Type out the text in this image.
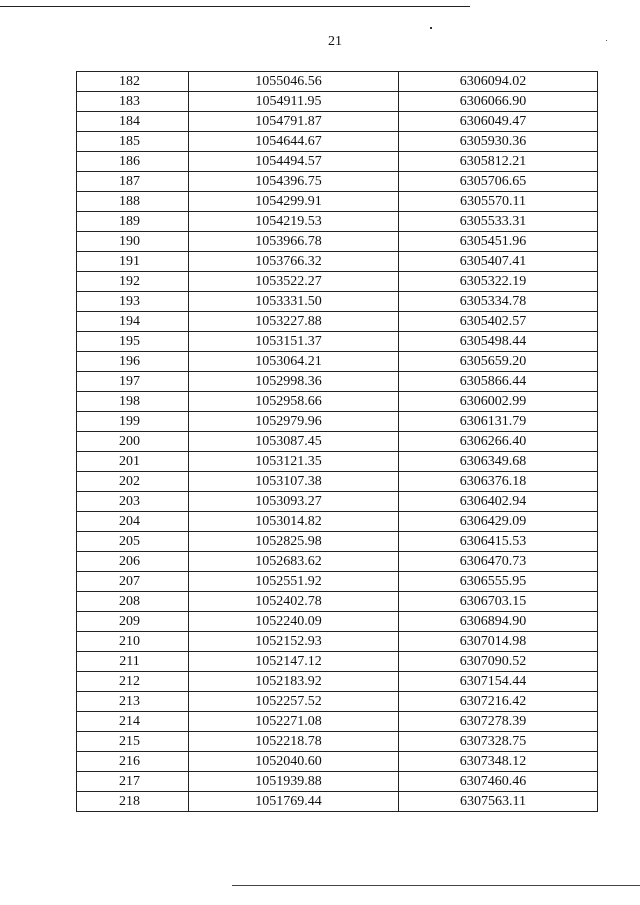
21
182	1055046.56	6306094.02
183	1054911.95	6306066.90
184	1054791.87	6306049.47
185	1054644.67	6305930.36
186	1054494.57	6305812.21
187	1054396.75	6305706.65
188	1054299.91	6305570.11
189	1054219.53	6305533.31
190	1053966.78	6305451.96
191	1053766.32	6305407.41
192	1053522.27	6305322.19
193	1053331.50	6305334.78
194	1053227.88	6305402.57
195	1053151.37	6305498.44
196	1053064.21	6305659.20
197	1052998.36	6305866.44
198	1052958.66	6306002.99
199	1052979.96	6306131.79
200	1053087.45	6306266.40
201	1053121.35	6306349.68
202	1053107.38	6306376.18
203	1053093.27	6306402.94
204	1053014.82	6306429.09
205	1052825.98	6306415.53
206	1052683.62	6306470.73
207	1052551.92	6306555.95
208	1052402.78	6306703.15
209	1052240.09	6306894.90
210	1052152.93	6307014.98
211	1052147.12	6307090.52
212	1052183.92	6307154.44
213	1052257.52	6307216.42
214	1052271.08	6307278.39
215	1052218.78	6307328.75
216	1052040.60	6307348.12
217	1051939.88	6307460.46
218	1051769.44	6307563.11
